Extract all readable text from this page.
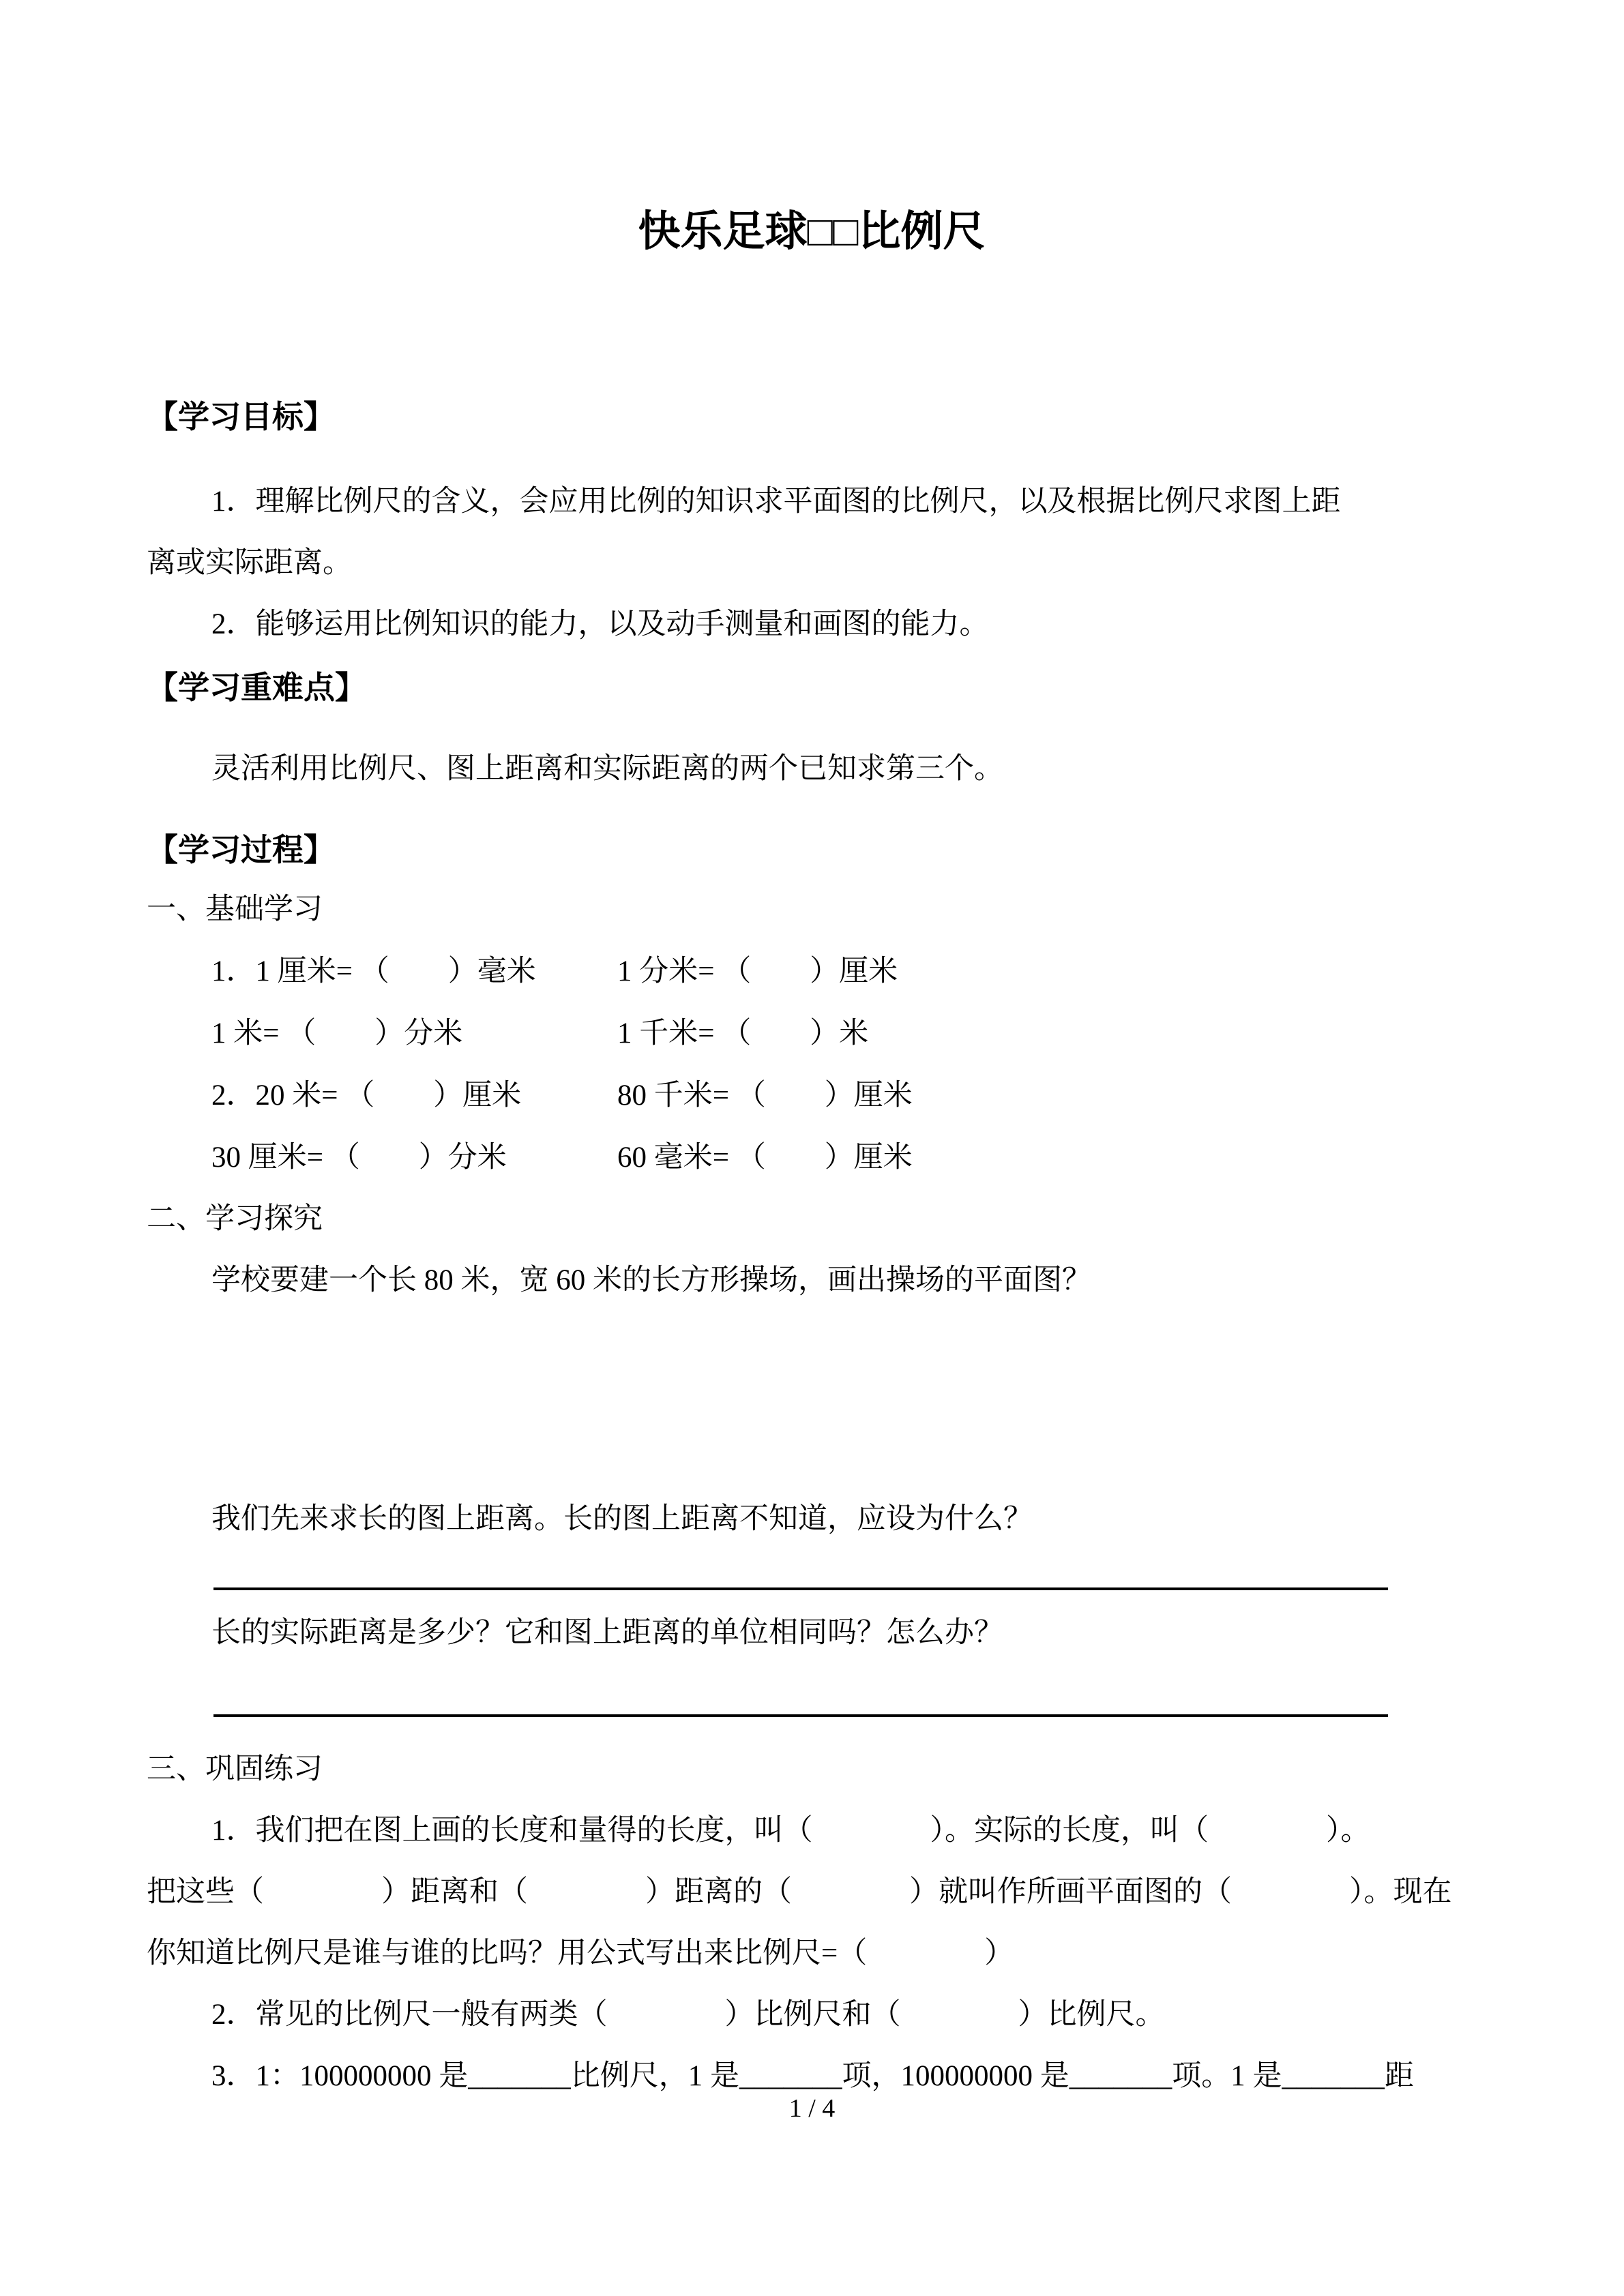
快乐足球□□比例尺
【学习目标】
1．理解比例尺的含义，会应用比例的知识求平面图的比例尺，以及根据比例尺求图上距
离或实际距离。
2．能够运用比例知识的能力，以及动手测量和画图的能力。
【学习重难点】
灵活利用比例尺、图上距离和实际距离的两个已知求第三个。
【学习过程】
一、基础学习
1．1 厘米= （　　）毫米	1 分米= （　　）厘米
1 米= （　　）分米	1 千米= （　　）米
2．20 米= （　　）厘米	80 千米= （　　）厘米
30 厘米= （　　）分米	60 毫米= （　　）厘米
二、学习探究
学校要建一个长 80 米，宽 60 米的长方形操场，画出操场的平面图？
我们先来求长的图上距离。长的图上距离不知道，应设为什么？
长的实际距离是多少？它和图上距离的单位相同吗？怎么办？
三、巩固练习
1．我们把在图上画的长度和量得的长度，叫（　　　　）。实际的长度，叫（　　　　）。
把这些（　　　　）距离和（　　　　）距离的（　　　　）就叫作所画平面图的（　　　　）。现在
你知道比例尺是谁与谁的比吗？用公式写出来比例尺=（　　　　）
2．常见的比例尺一般有两类（　　　　）比例尺和（　　　　）比例尺。
3．1：100000000 是_______比例尺，1 是_______项，100000000 是_______项。1 是_______距
1 / 4
